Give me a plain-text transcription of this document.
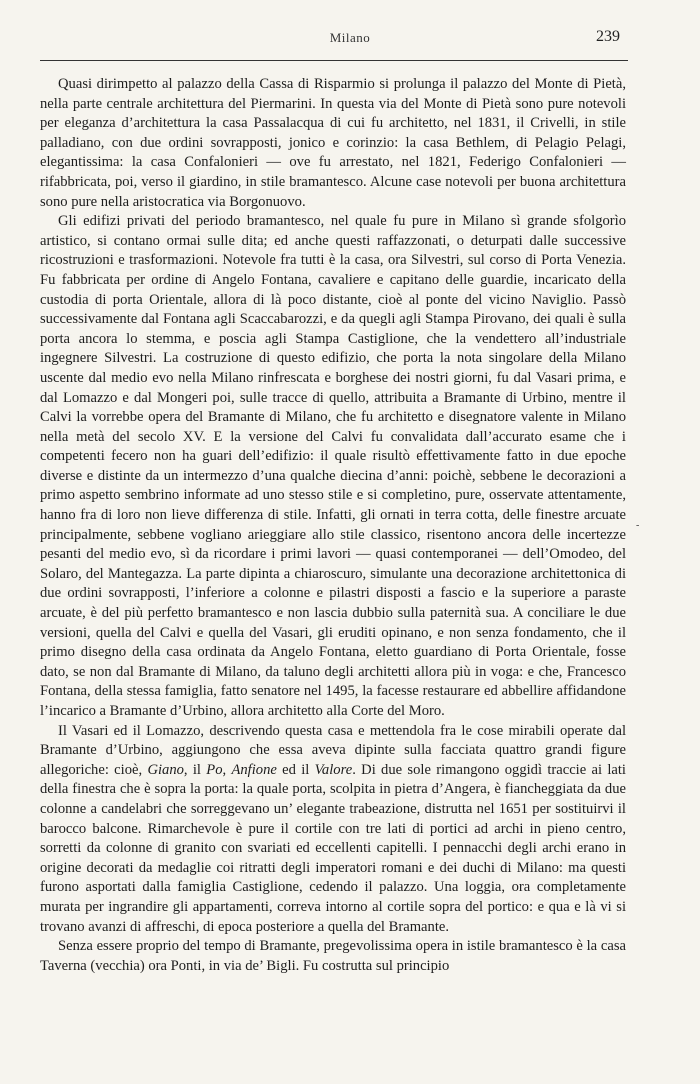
Milano	239

Quasi dirimpetto al palazzo della Cassa di Risparmio si prolunga il palazzo del Monte di Pietà, nella parte centrale architettura del Piermarini. In questa via del Monte di Pietà sono pure notevoli per eleganza d’architettura la casa Passalacqua di cui fu architetto, nel 1831, il Crivelli, in stile palladiano, con due ordini sovrapposti, jonico e corinzio: la casa Bethlem, di Pelagio Pelagi, elegantissima: la casa Confalonieri — ove fu arrestato, nel 1821, Federigo Confalonieri — rifabbricata, poi, verso il giardino, in stile bramantesco. Alcune case notevoli per buona architettura sono pure nella aristocratica via Borgonuovo.

Gli edifizi privati del periodo bramantesco, nel quale fu pure in Milano sì grande sfolgorìo artistico, si contano ormai sulle dita; ed anche questi raffazzonati, o deturpati dalle successive ricostruzioni e trasformazioni. Notevole fra tutti è la casa, ora Silvestri, sul corso di Porta Venezia. Fu fabbricata per ordine di Angelo Fontana, cavaliere e capitano delle guardie, incaricato della custodia di porta Orientale, allora di là poco distante, cioè al ponte del vicino Naviglio. Passò successivamente dal Fontana agli Scaccabarozzi, e da quegli agli Stampa Pirovano, dei quali è sulla porta ancora lo stemma, e poscia agli Stampa Castiglione, che la vendettero all’industriale ingegnere Silvestri. La costruzione di questo edifizio, che porta la nota singolare della Milano uscente dal medio evo nella Milano rinfrescata e borghese dei nostri giorni, fu dal Vasari prima, e dal Lomazzo e dal Mongeri poi, sulle tracce di quello, attribuita a Bramante di Urbino, mentre il Calvi la vorrebbe opera del Bramante di Milano, che fu architetto e disegnatore valente in Milano nella metà del secolo XV. E la versione del Calvi fu convalidata dall’accurato esame che i competenti fecero non ha guari dell’edifizio: il quale risultò effettivamente fatto in due epoche diverse e distinte da un intermezzo d’una qualche diecina d’anni: poichè, sebbene le decorazioni a primo aspetto sembrino informate ad uno stesso stile e si completino, pure, osservate attentamente, hanno fra di loro non lieve differenza di stile. Infatti, gli ornati in terra cotta, delle finestre arcuate principalmente, sebbene vogliano arieggiare allo stile classico, risentono ancora delle incertezze pesanti del medio evo, sì da ricordare i primi lavori — quasi contemporanei — dell’Omodeo, del Solaro, del Mantegazza. La parte dipinta a chiaroscuro, simulante una decorazione architettonica di due ordini sovrapposti, l’inferiore a colonne e pilastri disposti a fascio e la superiore a paraste arcuate, è del più perfetto bramantesco e non lascia dubbio sulla paternità sua. A conciliare le due versioni, quella del Calvi e quella del Vasari, gli eruditi opinano, e non senza fondamento, che il primo disegno della casa ordinata da Angelo Fontana, eletto guardiano di Porta Orientale, fosse dato, se non dal Bramante di Milano, da taluno degli architetti allora più in voga: e che, Francesco Fontana, della stessa famiglia, fatto senatore nel 1495, la facesse restaurare ed abbellire affidandone l’incarico a Bramante d’Urbino, allora architetto alla Corte del Moro.

Il Vasari ed il Lomazzo, descrivendo questa casa e mettendola fra le cose mirabili operate dal Bramante d’Urbino, aggiungono che essa aveva dipinte sulla facciata quattro grandi figure allegoriche: cioè, Giano, il Po, Anfione ed il Valore. Di due sole rimangono oggidì traccie ai lati della finestra che è sopra la porta: la quale porta, scolpita in pietra d’Angera, è fiancheggiata da due colonne a candelabri che sorreggevano un’ elegante trabeazione, distrutta nel 1651 per sostituirvi il barocco balcone. Rimarchevole è pure il cortile con tre lati di portici ad archi in pieno centro, sorretti da colonne di granito con svariati ed eccellenti capitelli. I pennacchi degli archi erano in origine decorati da medaglie coi ritratti degli imperatori romani e dei duchi di Milano: ma questi furono asportati dalla famiglia Castiglione, cedendo il palazzo. Una loggia, ora completamente murata per ingrandire gli appartamenti, correva intorno al cortile sopra del portico: e qua e là vi si trovano avanzi di affreschi, di epoca posteriore a quella del Bramante.

Senza essere proprio del tempo di Bramante, pregevolissima opera in istile bramantesco è la casa Taverna (vecchia) ora Ponti, in via de’ Bigli. Fu costrutta sul principio

-
